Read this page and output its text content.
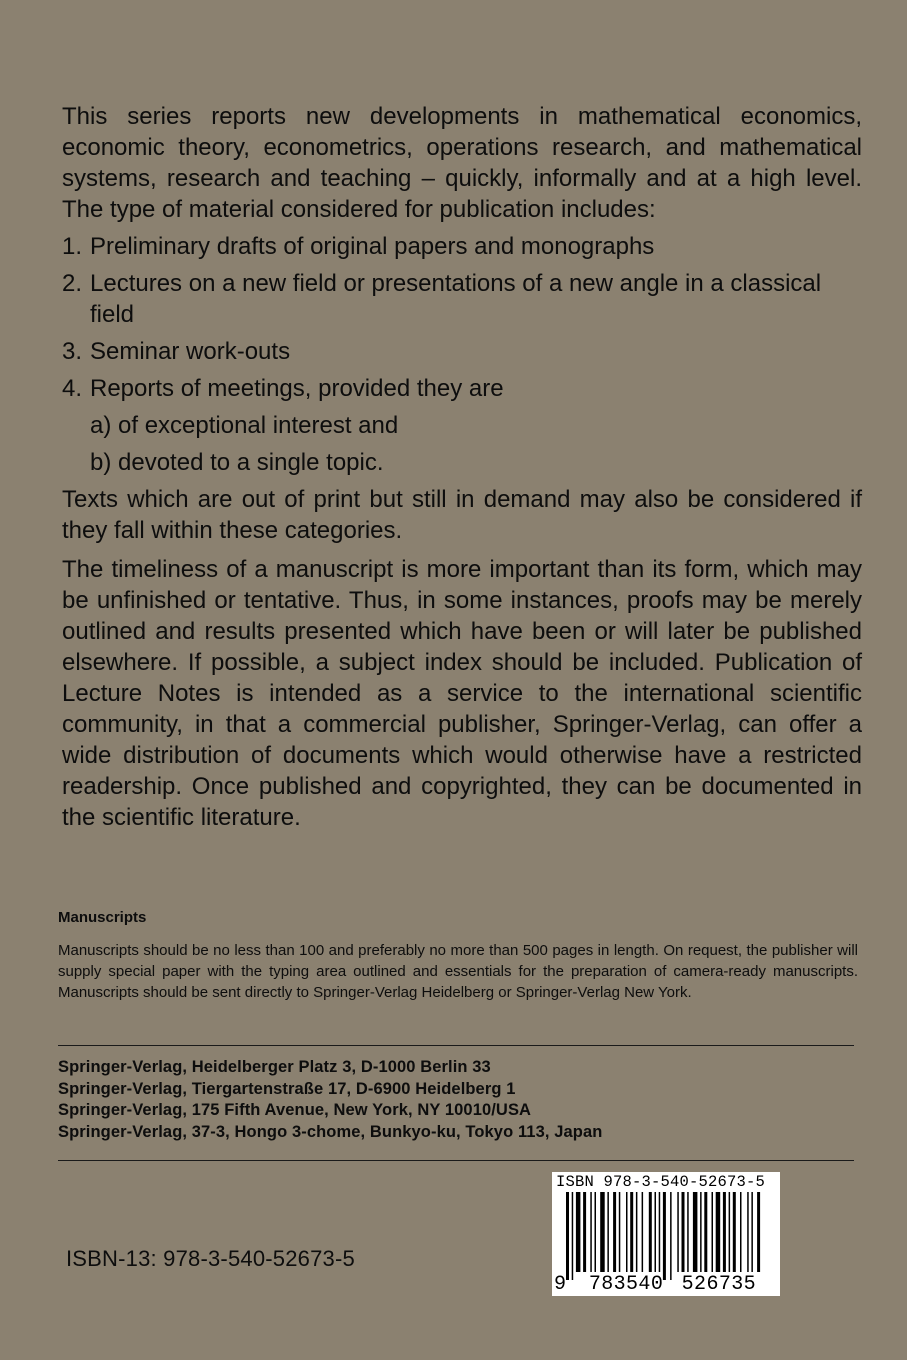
This series reports new developments in mathematical economics, economic theory, econometrics, operations research, and mathematical systems, research and teaching – quickly, informally and at a high level. The type of material considered for publication includes:

1. Preliminary drafts of original papers and monographs
2. Lectures on a new field or presentations of a new angle in a classical field
3. Seminar work-outs
4. Reports of meetings, provided they are
a) of exceptional interest and
b) devoted to a single topic.

Texts which are out of print but still in demand may also be considered if they fall within these categories.

The timeliness of a manuscript is more important than its form, which may be unfinished or tentative. Thus, in some instances, proofs may be merely outlined and results presented which have been or will later be published elsewhere. If possible, a subject index should be included. Publication of Lecture Notes is intended as a service to the international scientific community, in that a commercial publisher, Springer-Verlag, can offer a wide distribution of documents which would otherwise have a restricted readership. Once published and copyrighted, they can be documented in the scientific literature.

Manuscripts

Manuscripts should be no less than 100 and preferably no more than 500 pages in length. On request, the publisher will supply special paper with the typing area outlined and essentials for the preparation of camera-ready manuscripts. Manuscripts should be sent directly to Springer-Verlag Heidelberg or Springer-Verlag New York.

Springer-Verlag, Heidelberger Platz 3, D-1000 Berlin 33
Springer-Verlag, Tiergartenstraße 17, D-6900 Heidelberg 1
Springer-Verlag, 175 Fifth Avenue, New York, NY 10010/USA
Springer-Verlag, 37-3, Hongo 3-chome, Bunkyo-ku, Tokyo 113, Japan
ISBN-13: 978-3-540-52673-5
ISBN 978-3-540-52673-5
9 783540 526735
